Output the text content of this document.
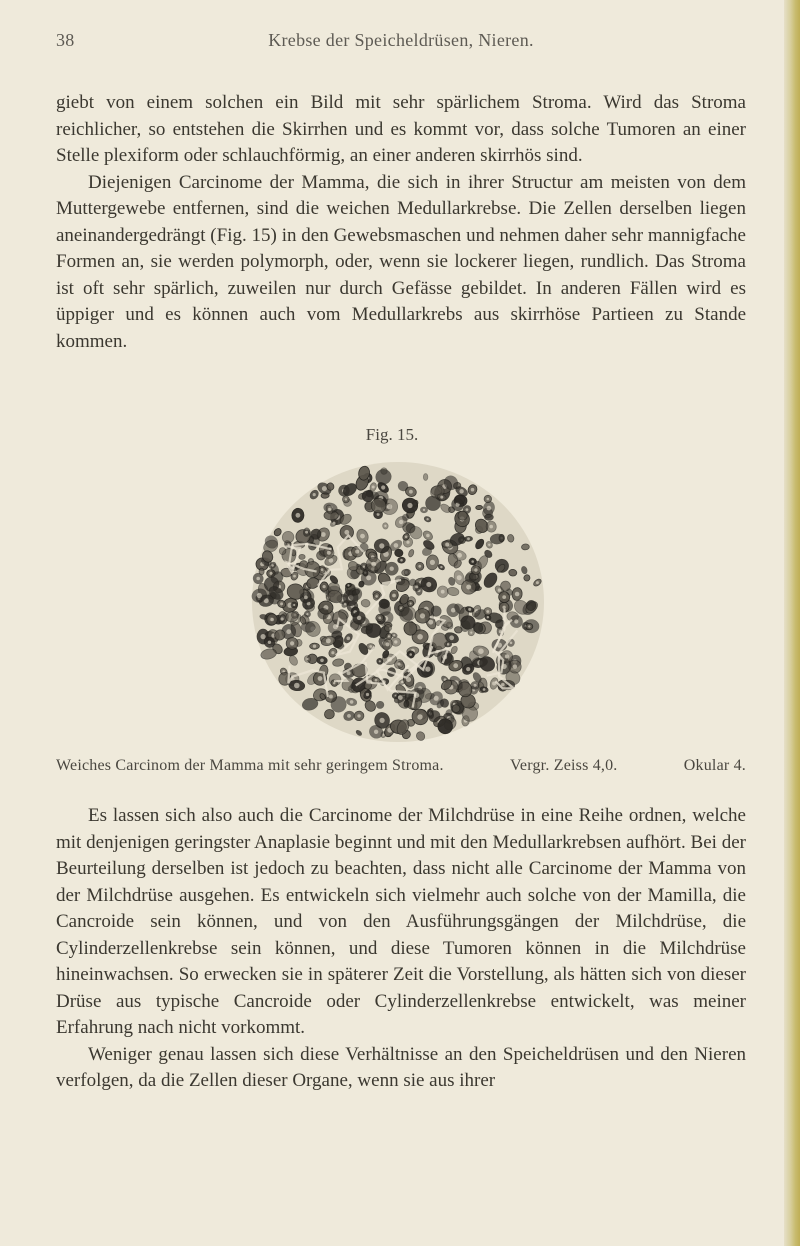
38	Krebse der Speicheldrüsen, Nieren.

giebt von einem solchen ein Bild mit sehr spärlichem Stroma. Wird das Stroma reichlicher, so entstehen die Skirrhen und es kommt vor, dass solche Tumoren an einer Stelle plexiform oder schlauchförmig, an einer anderen skirrhös sind.

Diejenigen Carcinome der Mamma, die sich in ihrer Structur am meisten von dem Muttergewebe entfernen, sind die weichen Medullarkrebse. Die Zellen derselben liegen aneinandergedrängt (Fig. 15) in den Gewebsmaschen und nehmen daher sehr mannigfache Formen an, sie werden polymorph, oder, wenn sie lockerer liegen, rundlich. Das Stroma ist oft sehr spärlich, zuweilen nur durch Gefässe gebildet. In anderen Fällen wird es üppiger und es können auch vom Medullarkrebs aus skirrhöse Partieen zu Stande kommen.

Fig. 15.
Weiches Carcinom der Mamma mit sehr geringem Stroma.	Vergr. Zeiss 4,0.	Okular 4.

Es lassen sich also auch die Carcinome der Milchdrüse in eine Reihe ordnen, welche mit denjenigen geringster Anaplasie beginnt und mit den Medullarkrebsen aufhört. Bei der Beurteilung derselben ist jedoch zu beachten, dass nicht alle Carcinome der Mamma von der Milchdrüse ausgehen. Es entwickeln sich vielmehr auch solche von der Mamilla, die Cancroide sein können, und von den Ausführungsgängen der Milchdrüse, die Cylinderzellenkrebse sein können, und diese Tumoren können in die Milchdrüse hineinwachsen. So erwecken sie in späterer Zeit die Vorstellung, als hätten sich von dieser Drüse aus typische Cancroide oder Cylinderzellenkrebse entwickelt, was meiner Erfahrung nach nicht vorkommt.

Weniger genau lassen sich diese Verhältnisse an den Speicheldrüsen und den Nieren verfolgen, da die Zellen dieser Organe, wenn sie aus ihrer
